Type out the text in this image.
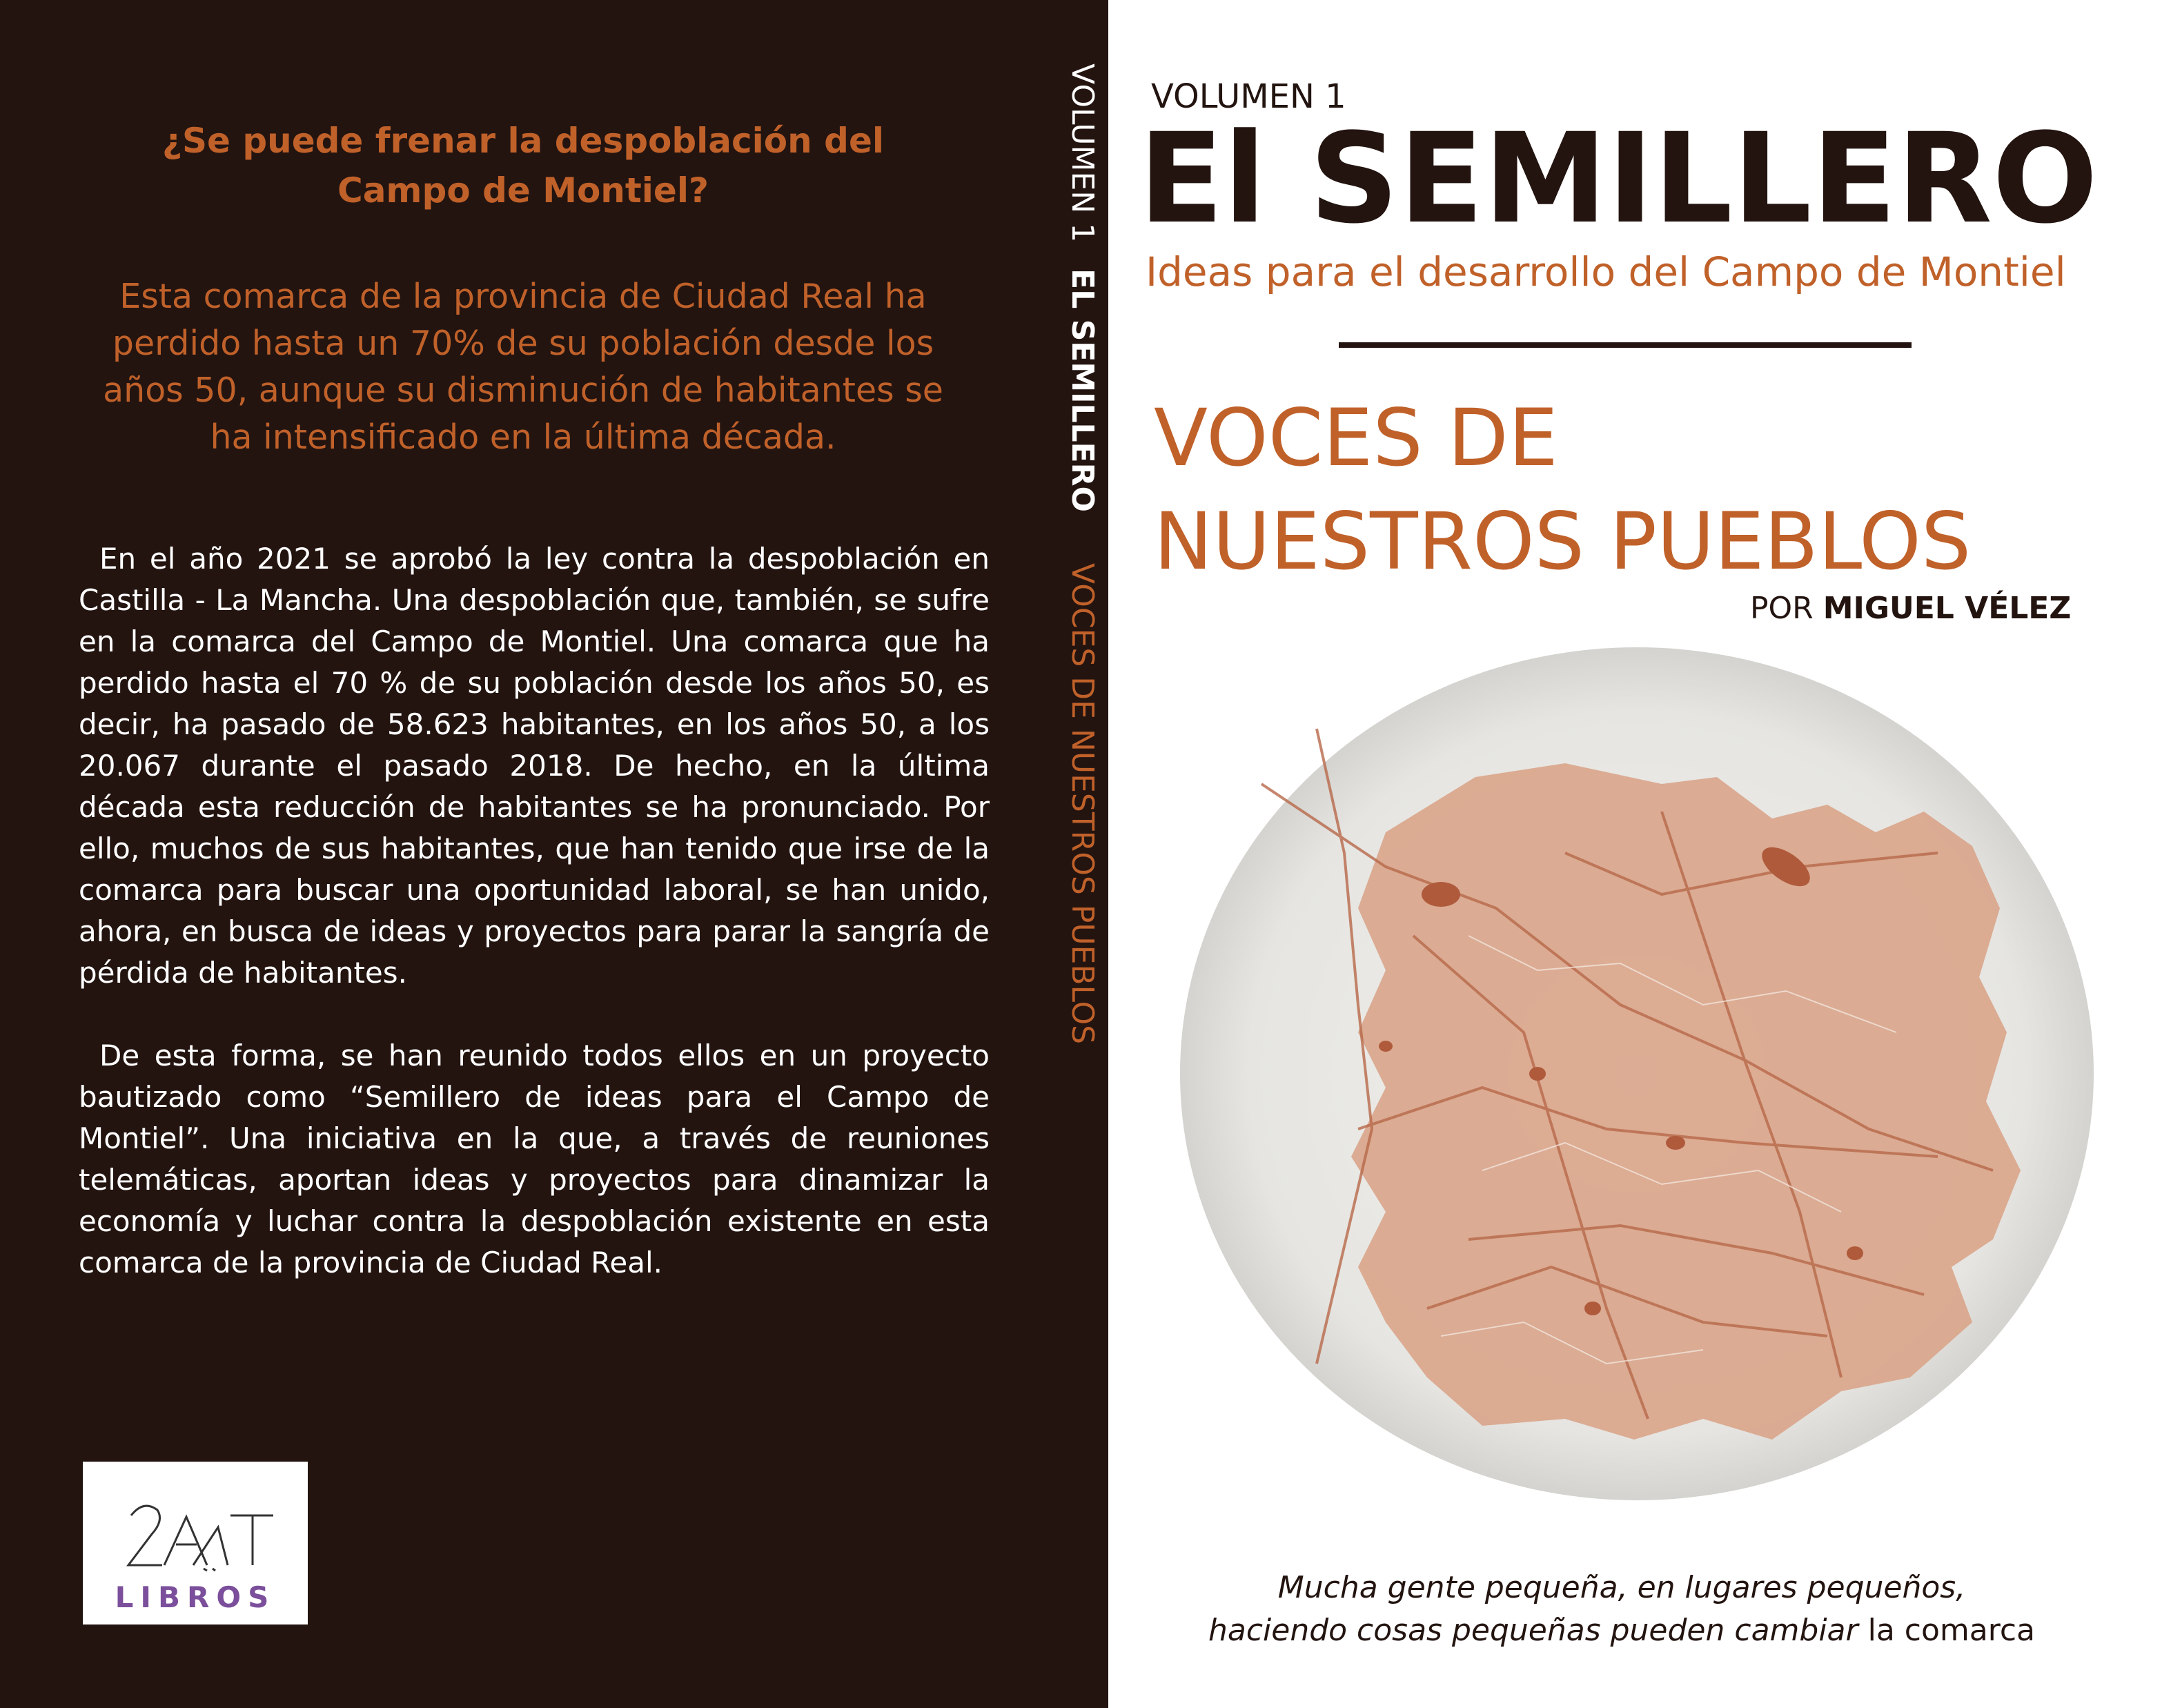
¿Se puede frenar la despoblación del Campo de Montiel?
Esta comarca de la provincia de Ciudad Real ha perdido hasta un 70% de su población desde los años 50, aunque su disminución de habitantes se ha intensificado en la última década.
En el año 2021 se aprobó la ley contra la despoblación en Castilla - La Mancha. Una despoblación que, también, se sufre en la comarca del Campo de Montiel. Una comarca que ha perdido hasta el 70 % de su población desde los años 50, es decir, ha pasado de 58.623 habitantes, en los años 50, a los 20.067 durante el pasado 2018. De hecho, en la última década esta reducción de habitantes se ha pronunciado. Por ello, muchos de sus habitantes, que han tenido que irse de la comarca para buscar una oportunidad laboral, se han unido, ahora, en busca de ideas y proyectos para parar la sangría de pérdida de habitantes.
De esta forma, se han reunido todos ellos en un proyecto bautizado como “Semillero de ideas para el Campo de Montiel”. Una iniciativa en la que, a través de reuniones telemáticas, aportan ideas y proyectos para dinamizar la economía y luchar contra la despoblación existente en esta comarca de la provincia de Ciudad Real.
LIBROS
VOLUMEN 1 EL SEMILLERO VOCES DE NUESTROS PUEBLOS
VOLUMEN 1
El SEMILLERO
Ideas para el desarrollo del Campo de Montiel
VOCES DE
NUESTROS PUEBLOS
POR MIGUEL VÉLEZ
Mucha gente pequeña, en lugares pequeños,
haciendo cosas pequeñas pueden cambiar la comarca
